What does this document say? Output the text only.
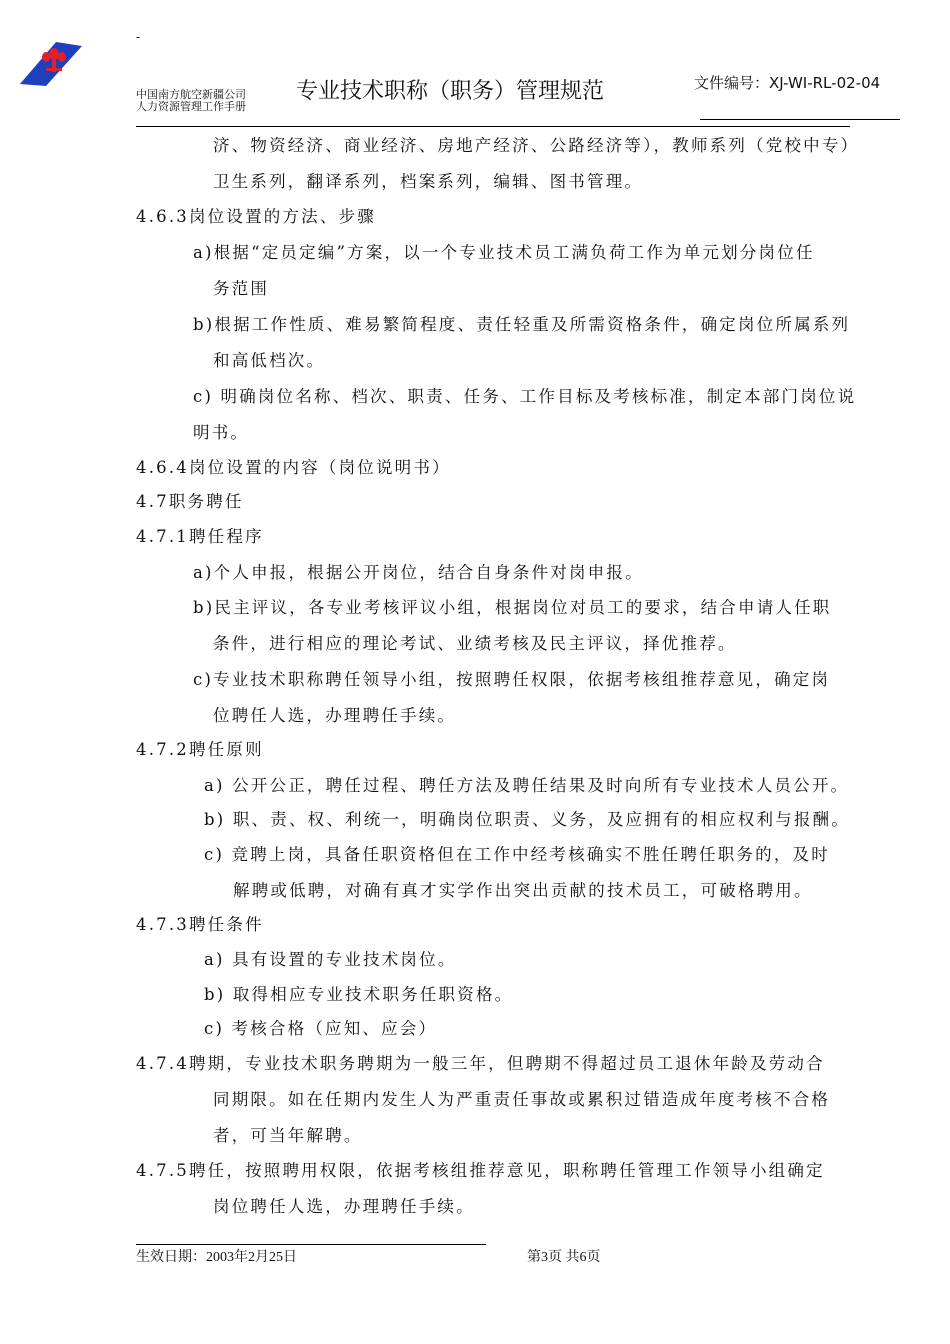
-
中国南方航空新疆公司
人力资源管理工作手册
专业技术职称（职务）管理规范	文件编号：XJ-WI-RL-02-04
济、物资经济、商业经济、房地产经济、公路经济等），教师系列（党校中专）
卫生系列，翻译系列，档案系列，编辑、图书管理。
4.6.3岗位设置的方法、步骤
a)根据“定员定编”方案，以一个专业技术员工满负荷工作为单元划分岗位任
务范围
b)根据工作性质、难易繁简程度、责任轻重及所需资格条件，确定岗位所属系列
和高低档次。
c) 明确岗位名称、档次、职责、任务、工作目标及考核标准，制定本部门岗位说
明书。
4.6.4岗位设置的内容（岗位说明书）
4.7职务聘任
4.7.1聘任程序
a)个人申报，根据公开岗位，结合自身条件对岗申报。
b)民主评议，各专业考核评议小组，根据岗位对员工的要求，结合申请人任职
条件，进行相应的理论考试、业绩考核及民主评议，择优推荐。
c)专业技术职称聘任领导小组，按照聘任权限，依据考核组推荐意见，确定岗
位聘任人选，办理聘任手续。
4.7.2聘任原则
a) 公开公正，聘任过程、聘任方法及聘任结果及时向所有专业技术人员公开。
b) 职、责、权、利统一，明确岗位职责、义务，及应拥有的相应权利与报酬。
c) 竞聘上岗，具备任职资格但在工作中经考核确实不胜任聘任职务的，及时
解聘或低聘，对确有真才实学作出突出贡献的技术员工，可破格聘用。
4.7.3聘任条件
a) 具有设置的专业技术岗位。
b) 取得相应专业技术职务任职资格。
c) 考核合格（应知、应会）
4.7.4聘期，专业技术职务聘期为一般三年，但聘期不得超过员工退休年龄及劳动合
同期限。如在任期内发生人为严重责任事故或累积过错造成年度考核不合格
者，可当年解聘。
4.7.5聘任，按照聘用权限，依据考核组推荐意见，职称聘任管理工作领导小组确定
岗位聘任人选，办理聘任手续。
生效日期：2003年2月25日	第3页 共6页
